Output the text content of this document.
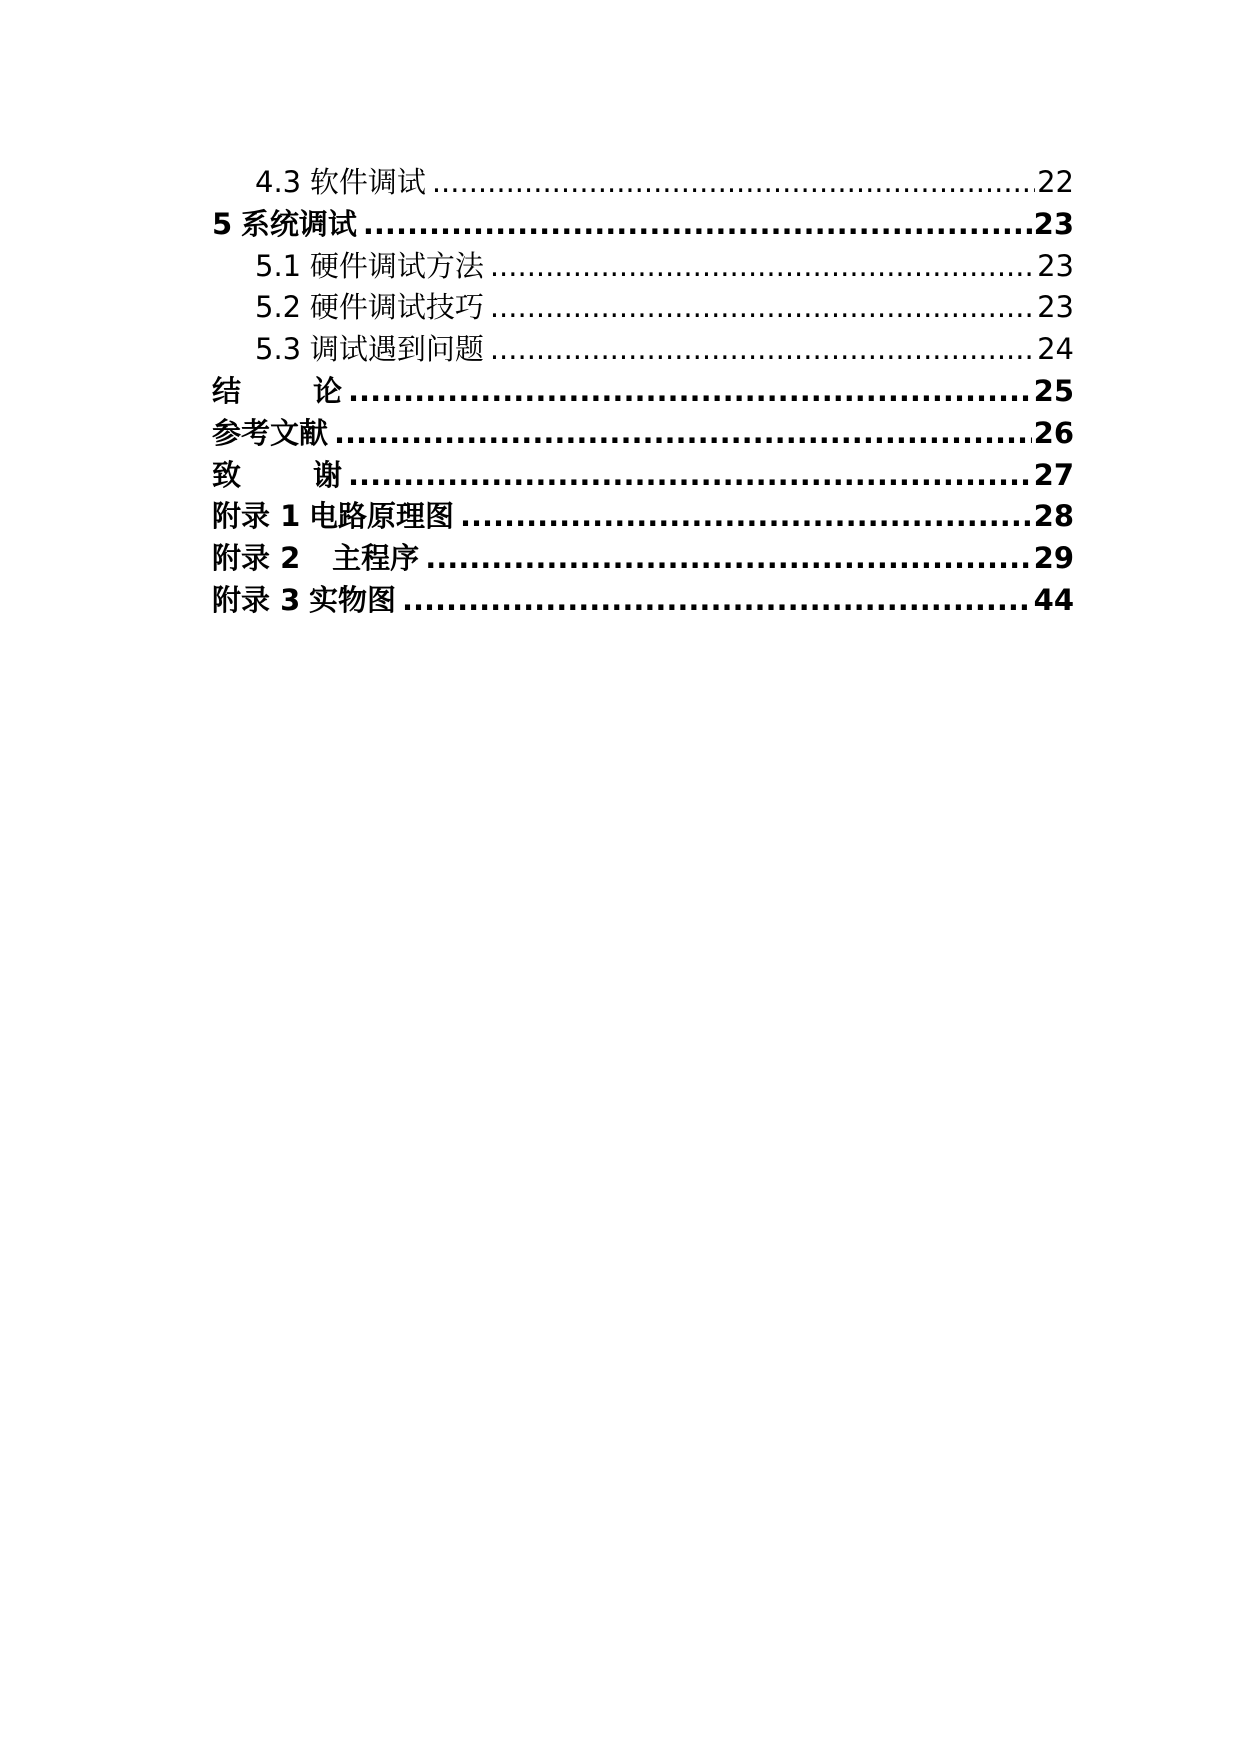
4.3 软件调试 .....	22
5 系统调试 .....	23
5.1 硬件调试方法 .....	23
5.2 硬件调试技巧 .....	23
5.3 调试遇到问题 .....	24
结 论 .....	25
参考文献 .....	26
致 谢 .....	27
附录 1 电路原理图 .....	28
附录 2 主程序 .....	29
附录 3 实物图 .....	44
